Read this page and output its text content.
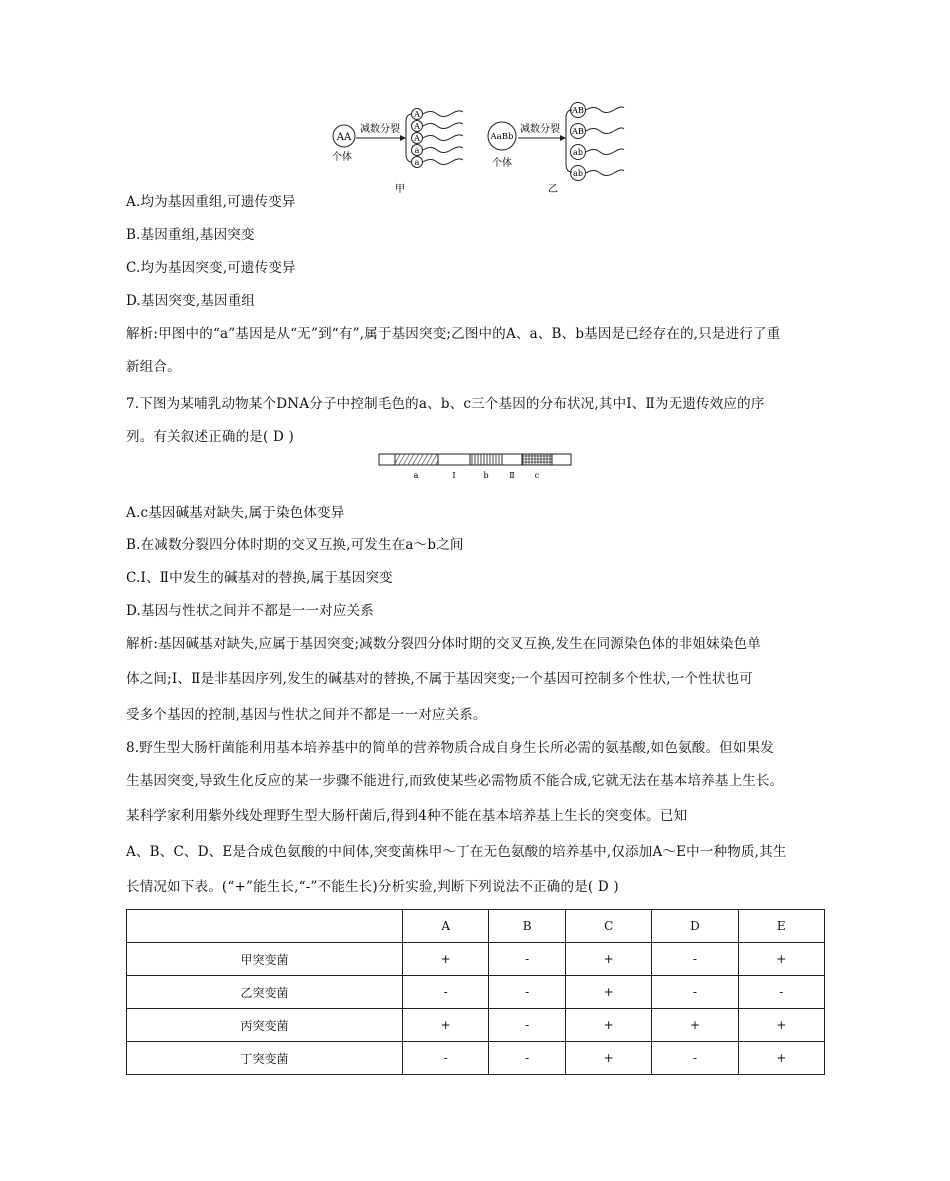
AA
个体
减数分裂
A
A
A
a
a
甲
AaBb
个体
减数分裂
AB
AB
ab
ab
乙
A.均为基因重组,可遗传变异
B.基因重组,基因突变
C.均为基因突变,可遗传变异
D.基因突变,基因重组
解析:甲图中的“a”基因是从“无”到“有”,属于基因突变;乙图中的A、a、B、b基因是已经存在的,只是进行了重
新组合。
7.下图为某哺乳动物某个DNA分子中控制毛色的a、b、c三个基因的分布状况,其中Ⅰ、Ⅱ为无遗传效应的序
列。有关叙述正确的是( D )
a	Ⅰ	b	Ⅱ	c
A.c基因碱基对缺失,属于染色体变异
B.在减数分裂四分体时期的交叉互换,可发生在a～b之间
C.Ⅰ、Ⅱ中发生的碱基对的替换,属于基因突变
D.基因与性状之间并不都是一一对应关系
解析:基因碱基对缺失,应属于基因突变;减数分裂四分体时期的交叉互换,发生在同源染色体的非姐妹染色单
体之间;Ⅰ、Ⅱ是非基因序列,发生的碱基对的替换,不属于基因突变;一个基因可控制多个性状,一个性状也可
受多个基因的控制,基因与性状之间并不都是一一对应关系。
8.野生型大肠杆菌能利用基本培养基中的简单的营养物质合成自身生长所必需的氨基酸,如色氨酸。但如果发
生基因突变,导致生化反应的某一步骤不能进行,而致使某些必需物质不能合成,它就无法在基本培养基上生长。
某科学家利用紫外线处理野生型大肠杆菌后,得到4种不能在基本培养基上生长的突变体。已知
A、B、C、D、E是合成色氨酸的中间体,突变菌株甲～丁在无色氨酸的培养基中,仅添加A～E中一种物质,其生
长情况如下表。(“+”能生长,“-”不能生长)分析实验,判断下列说法不正确的是( D )
	A	B	C	D	E
甲突变菌	+	-	+	-	+
乙突变菌	-	-	+	-	-
丙突变菌	+	-	+	+	+
丁突变菌	-	-	+	-	+
